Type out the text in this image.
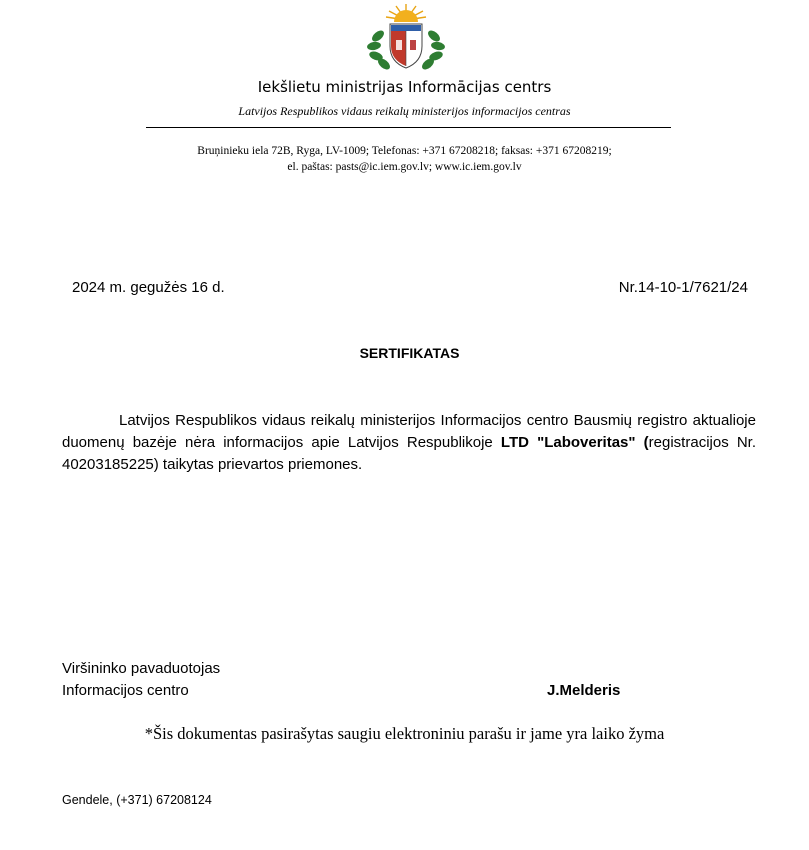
Iekšlietu ministrijas Informācijas centrs
Latvijos Respublikos vidaus reikalų ministerijos informacijos centras
Bruņinieku iela 72B, Ryga, LV-1009; Telefonas: +371 67208218; faksas: +371 67208219;
el. paštas: pasts@ic.iem.gov.lv; www.ic.iem.gov.lv
2024 m. gegužės 16 d.	Nr.14-10-1/7621/24
SERTIFIKATAS
Latvijos Respublikos vidaus reikalų ministerijos Informacijos centro Bausmių registro aktualioje duomenų bazėje nėra informacijos apie Latvijos Respublikoje LTD "Laboveritas" (registracijos Nr. 40203185225) taikytas prievartos priemones.
Viršininko pavaduotojas
Informacijos centro	J.Melderis
*Šis dokumentas pasirašytas saugiu elektroniniu parašu ir jame yra laiko žyma
Gendele, (+371) 67208124
